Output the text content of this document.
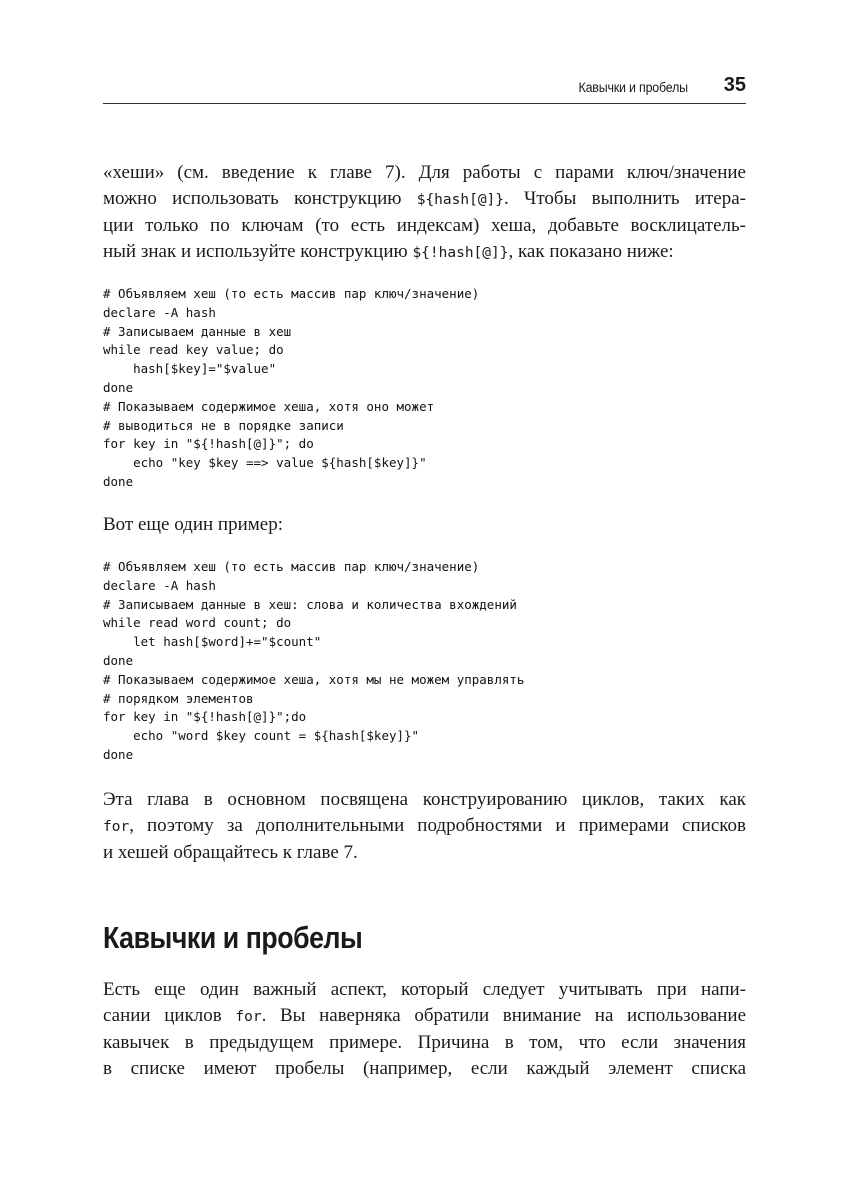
Кавычки и пробелы 35
«хеши» (см. введение к главе 7). Для работы с парами ключ/значение
можно использовать конструкцию ${hash[@]}. Чтобы выполнить итера-
ции только по ключам (то есть индексам) хеша, добавьте восклицатель-
ный знак и используйте конструкцию ${!hash[@]}, как показано ниже:
# Объявляем хеш (то есть массив пар ключ/значение)
declare -A hash
# Записываем данные в хеш
while read key value; do
hash[$key]="$value"
done
# Показываем содержимое хеша, хотя оно может
# выводиться не в порядке записи
for key in "${!hash[@]}"; do
echo "key $key ==> value ${hash[$key]}"
done
Вот еще один пример:
# Объявляем хеш (то есть массив пар ключ/значение)
declare -A hash
# Записываем данные в хеш: слова и количества вхождений
while read word count; do
let hash[$word]+="$count"
done
# Показываем содержимое хеша, хотя мы не можем управлять
# порядком элементов
for key in "${!hash[@]}";do
echo "word $key count = ${hash[$key]}"
done
Эта глава в основном посвящена конструированию циклов, таких как
for, поэтому за дополнительными подробностями и примерами списков
и хешей обращайтесь к главе 7.
Кавычки и пробелы
Есть еще один важный аспект, который следует учитывать при напи-
сании циклов for. Вы наверняка обратили внимание на использование
кавычек в предыдущем примере. Причина в том, что если значения
в списке имеют пробелы (например, если каждый элемент списка
